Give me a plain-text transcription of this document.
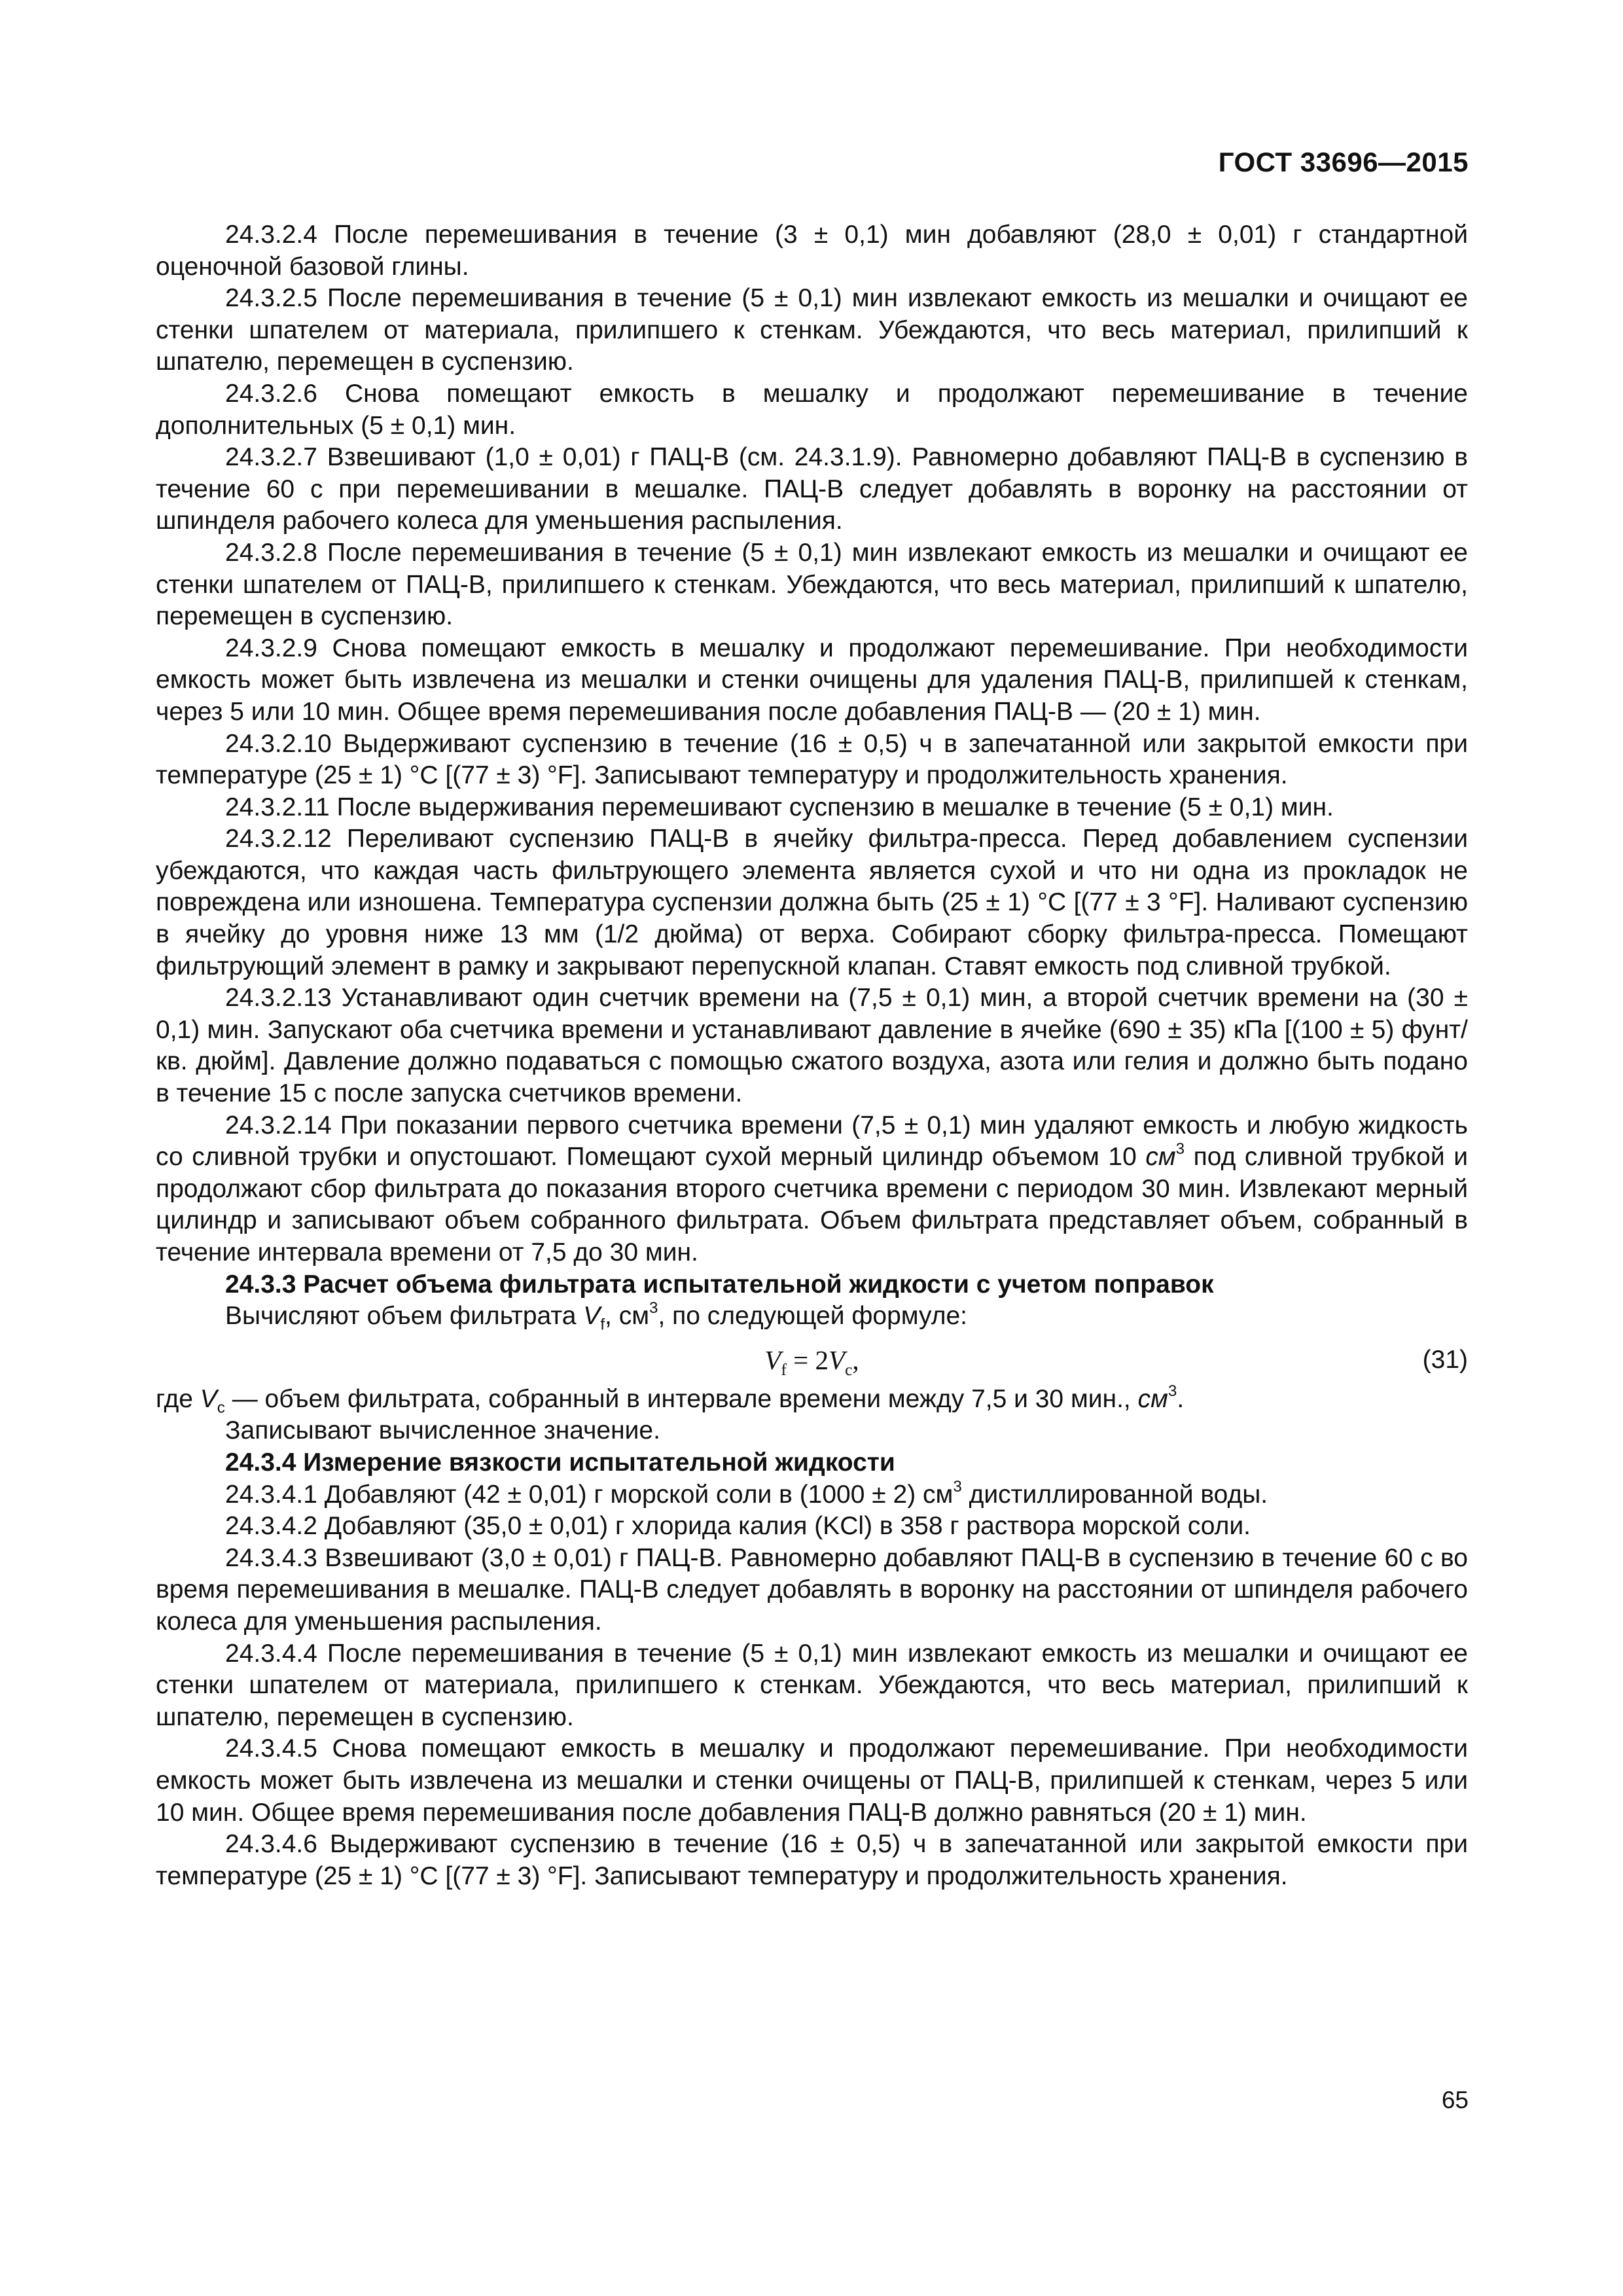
ГОСТ 33696—2015

24.3.2.4 После перемешивания в течение (3 ± 0,1) мин добавляют (28,0 ± 0,01) г стандартной оценочной базовой глины.

24.3.2.5 После перемешивания в течение (5 ± 0,1) мин извлекают емкость из мешалки и очищают ее стенки шпателем от материала, прилипшего к стенкам. Убеждаются, что весь материал, прилипший к шпателю, перемещен в суспензию.

24.3.2.6 Снова помещают емкость в мешалку и продолжают перемешивание в течение дополнительных (5 ± 0,1) мин.

24.3.2.7 Взвешивают (1,0 ± 0,01) г ПАЦ-В (см. 24.3.1.9). Равномерно добавляют ПАЦ-В в суспензию в течение 60 с при перемешивании в мешалке. ПАЦ-В следует добавлять в воронку на расстоянии от шпинделя рабочего колеса для уменьшения распыления.

24.3.2.8 После перемешивания в течение (5 ± 0,1) мин извлекают емкость из мешалки и очищают ее стенки шпателем от ПАЦ-В, прилипшего к стенкам. Убеждаются, что весь материал, прилипший к шпателю, перемещен в суспензию.

24.3.2.9 Снова помещают емкость в мешалку и продолжают перемешивание. При необходимости емкость может быть извлечена из мешалки и стенки очищены для удаления ПАЦ-В, прилипшей к стенкам, через 5 или 10 мин. Общее время перемешивания после добавления ПАЦ-В — (20 ± 1) мин.

24.3.2.10 Выдерживают суспензию в течение (16 ± 0,5) ч в запечатанной или закрытой емкости при температуре (25 ± 1) °С [(77 ± 3) °F]. Записывают температуру и продолжительность хранения.

24.3.2.11 После выдерживания перемешивают суспензию в мешалке в течение (5 ± 0,1) мин.

24.3.2.12 Переливают суспензию ПАЦ-В в ячейку фильтра-пресса. Перед добавлением суспензии убеждаются, что каждая часть фильтрующего элемента является сухой и что ни одна из прокладок не повреждена или изношена. Температура суспензии должна быть (25 ± 1) °С [(77 ± 3 °F]. Наливают суспензию в ячейку до уровня ниже 13 мм (1/2 дюйма) от верха. Собирают сборку фильтра-пресса. Помещают фильтрующий элемент в рамку и закрывают перепускной клапан. Ставят емкость под сливной трубкой.

24.3.2.13 Устанавливают один счетчик времени на (7,5 ± 0,1) мин, а второй счетчик времени на (30 ± 0,1) мин. Запускают оба счетчика времени и устанавливают давление в ячейке (690 ± 35) кПа [(100 ± 5) фунт/кв. дюйм]. Давление должно подаваться с помощью сжатого воздуха, азота или гелия и должно быть подано в течение 15 с после запуска счетчиков времени.

24.3.2.14 При показании первого счетчика времени (7,5 ± 0,1) мин удаляют емкость и любую жидкость со сливной трубки и опустошают. Помещают сухой мерный цилиндр объемом 10 $см^3$ под сливной трубкой и продолжают сбор фильтрата до показания второго счетчика времени с периодом 30 мин. Извлекают мерный цилиндр и записывают объем собранного фильтрата. Объем фильтрата представляет объем, собранный в течение интервала времени от 7,5 до 30 мин.

24.3.3 Расчет объема фильтрата испытательной жидкости с учетом поправок

Вычисляют объем фильтрата $V_f$, $см^3$, по следующей формуле:

$V_f = 2V_c$,	(31)

где $V_c$ — объем фильтрата, собранный в интервале времени между 7,5 и 30 мин., $см^3$.

Записывают вычисленное значение.

24.3.4 Измерение вязкости испытательной жидкости

24.3.4.1 Добавляют (42 ± 0,01) г морской соли в (1000 ± 2) $см^3$ дистиллированной воды.

24.3.4.2 Добавляют (35,0 ± 0,01) г хлорида калия (KCl) в 358 г раствора морской соли.

24.3.4.3 Взвешивают (3,0 ± 0,01) г ПАЦ-В. Равномерно добавляют ПАЦ-В в суспензию в течение 60 с во время перемешивания в мешалке. ПАЦ-В следует добавлять в воронку на расстоянии от шпинделя рабочего колеса для уменьшения распыления.

24.3.4.4 После перемешивания в течение (5 ± 0,1) мин извлекают емкость из мешалки и очищают ее стенки шпателем от материала, прилипшего к стенкам. Убеждаются, что весь материал, прилипший к шпателю, перемещен в суспензию.

24.3.4.5 Снова помещают емкость в мешалку и продолжают перемешивание. При необходимости емкость может быть извлечена из мешалки и стенки очищены от ПАЦ-В, прилипшей к стенкам, через 5 или 10 мин. Общее время перемешивания после добавления ПАЦ-В должно равняться (20 ± 1) мин.

24.3.4.6 Выдерживают суспензию в течение (16 ± 0,5) ч в запечатанной или закрытой емкости при температуре (25 ± 1) °С [(77 ± 3) °F]. Записывают температуру и продолжительность хранения.

65
